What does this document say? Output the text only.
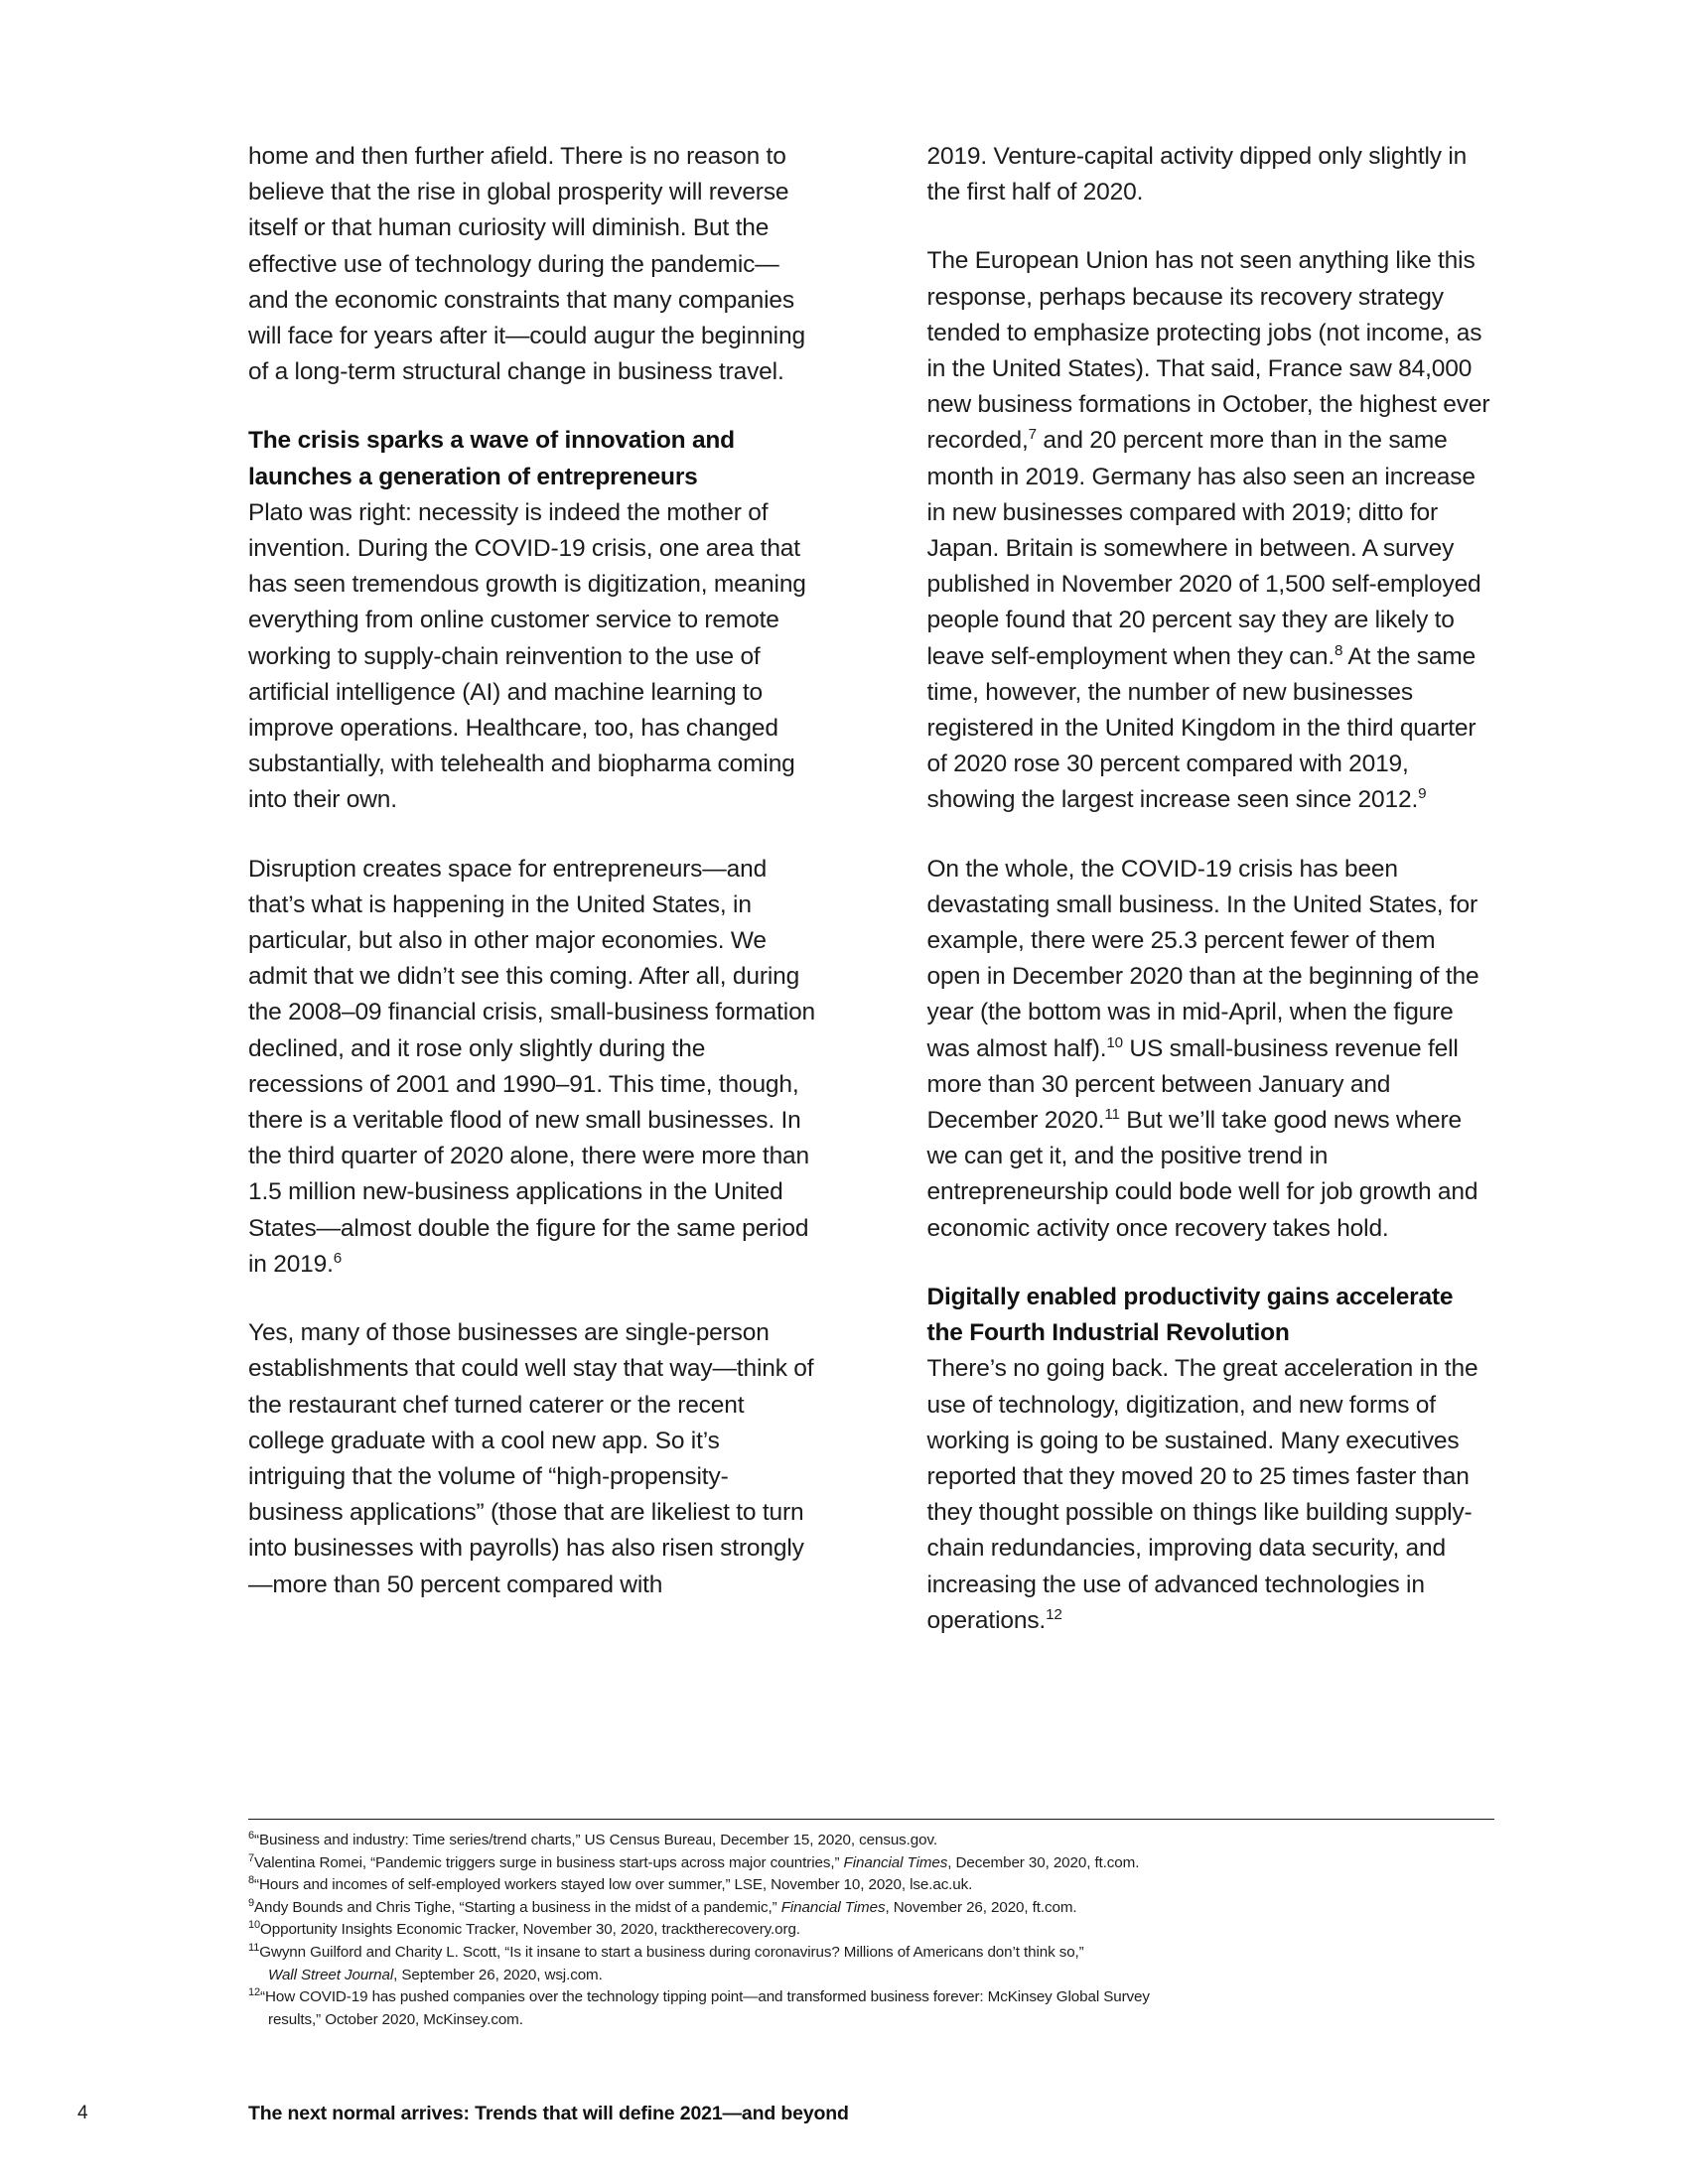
home and then further afield. There is no reason to believe that the rise in global prosperity will reverse itself or that human curiosity will diminish. But the effective use of technology during the pandemic—and the economic constraints that many companies will face for years after it—could augur the beginning of a long-term structural change in business travel.

The crisis sparks a wave of innovation and
launches a generation of entrepreneurs

Plato was right: necessity is indeed the mother of invention. During the COVID-19 crisis, one area that has seen tremendous growth is digitization, meaning everything from online customer service to remote working to supply-chain reinvention to the use of artificial intelligence (AI) and machine learning to improve operations. Healthcare, too, has changed substantially, with telehealth and biopharma coming into their own.

Disruption creates space for entrepreneurs—and that’s what is happening in the United States, in particular, but also in other major economies. We admit that we didn’t see this coming. After all, during the 2008–09 financial crisis, small-business formation declined, and it rose only slightly during the recessions of 2001 and 1990–91. This time, though, there is a veritable flood of new small businesses. In the third quarter of 2020 alone, there were more than 1.5 million new-business applications in the United States—almost double the figure for the same period in 2019.$^6$

Yes, many of those businesses are single-person establishments that could well stay that way—think of the restaurant chef turned caterer or the recent college graduate with a cool new app. So it’s intriguing that the volume of “high-propensity-business applications” (those that are likeliest to turn into businesses with payrolls) has also risen strongly—more than 50 percent compared with

2019. Venture-capital activity dipped only slightly in the first half of 2020.

The European Union has not seen anything like this response, perhaps because its recovery strategy tended to emphasize protecting jobs (not income, as in the United States). That said, France saw 84,000 new business formations in October, the highest ever recorded,$^7$ and 20 percent more than in the same month in 2019. Germany has also seen an increase in new businesses compared with 2019; ditto for Japan. Britain is somewhere in between. A survey published in November 2020 of 1,500 self-employed people found that 20 percent say they are likely to leave self-employment when they can.$^8$ At the same time, however, the number of new businesses registered in the United Kingdom in the third quarter of 2020 rose 30 percent compared with 2019, showing the largest increase seen since 2012.$^9$

On the whole, the COVID-19 crisis has been devastating small business. In the United States, for example, there were 25.3 percent fewer of them open in December 2020 than at the beginning of the year (the bottom was in mid-April, when the figure was almost half).$^{10}$ US small-business revenue fell more than 30 percent between January and December 2020.11 But we’ll take good news where we can get it, and the positive trend in entrepreneurship could bode well for job growth and economic activity once recovery takes hold.

Digitally enabled productivity gains accelerate
the Fourth Industrial Revolution

There’s no going back. The great acceleration in the use of technology, digitization, and new forms of working is going to be sustained. Many executives reported that they moved 20 to 25 times faster than they thought possible on things like building supply-chain redundancies, improving data security, and increasing the use of advanced technologies in operations.$^{12}$

$^6$“Business and industry: Time series/trend charts,” US Census Bureau, December 15, 2020, census.gov.
$^7$Valentina Romei, “Pandemic triggers surge in business start-ups across major countries,” Financial Times, December 30, 2020, ft.com.
$^8$“Hours and incomes of self-employed workers stayed low over summer,” LSE, November 10, 2020, lse.ac.uk.
$^9$Andy Bounds and Chris Tighe, “Starting a business in the midst of a pandemic,” Financial Times, November 26, 2020, ft.com.
$^{10}$Opportunity Insights Economic Tracker, November 30, 2020, tracktherecovery.org.
$^{11}$Gwynn Guilford and Charity L. Scott, “Is it insane to start a business during coronavirus? Millions of Americans don’t think so,”
Wall Street Journal, September 26, 2020, wsj.com.
$^{12}$“How COVID-19 has pushed companies over the technology tipping point—and transformed business forever: McKinsey Global Survey
results,” October 2020, McKinsey.com.
4	The next normal arrives: Trends that will define 2021—and beyond
